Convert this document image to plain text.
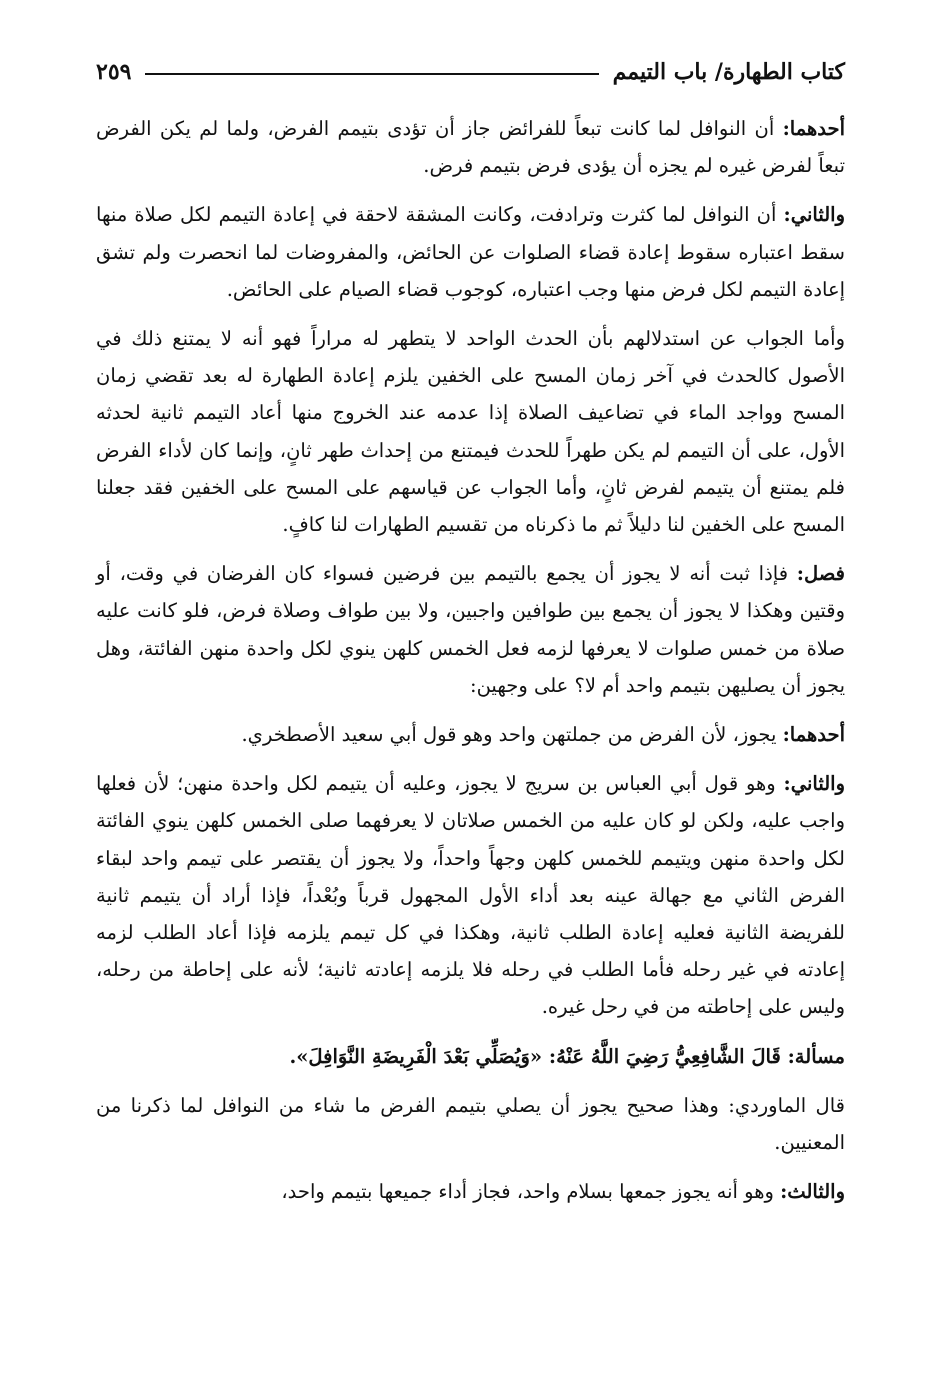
٢٥٩	كتاب الطهارة/ باب التيمم

أحدهما: أن النوافل لما كانت تبعاً للفرائض جاز أن تؤدى بتيمم الفرض، ولما لم يكن الفرض تبعاً لفرض غيره لم يجزه أن يؤدى فرض بتيمم فرض.

والثاني: أن النوافل لما كثرت وترادفت، وكانت المشقة لاحقة في إعادة التيمم لكل صلاة منها سقط اعتباره سقوط إعادة قضاء الصلوات عن الحائض، والمفروضات لما انحصرت ولم تشق إعادة التيمم لكل فرض منها وجب اعتباره، كوجوب قضاء الصيام على الحائض.

وأما الجواب عن استدلالهم بأن الحدث الواحد لا يتطهر له مراراً فهو أنه لا يمتنع ذلك في الأصول كالحدث في آخر زمان المسح على الخفين يلزم إعادة الطهارة له بعد تقضي زمان المسح وواجد الماء في تضاعيف الصلاة إذا عدمه عند الخروج منها أعاد التيمم ثانية لحدثه الأول، على أن التيمم لم يكن طهراً للحدث فيمتنع من إحداث طهر ثانٍ، وإنما كان لأداء الفرض فلم يمتنع أن يتيمم لفرض ثانٍ، وأما الجواب عن قياسهم على المسح على الخفين فقد جعلنا المسح على الخفين لنا دليلاً ثم ما ذكرناه من تقسيم الطهارات لنا كافٍ.

فصل: فإذا ثبت أنه لا يجوز أن يجمع بالتيمم بين فرضين فسواء كان الفرضان في وقت، أو وقتين وهكذا لا يجوز أن يجمع بين طوافين واجبين، ولا بين طواف وصلاة فرض، فلو كانت عليه صلاة من خمس صلوات لا يعرفها لزمه فعل الخمس كلهن ينوي لكل واحدة منهن الفائتة، وهل يجوز أن يصليهن بتيمم واحد أم لا؟ على وجهين:

أحدهما: يجوز، لأن الفرض من جملتهن واحد وهو قول أبي سعيد الأصطخري.

والثاني: وهو قول أبي العباس بن سريج لا يجوز، وعليه أن يتيمم لكل واحدة منهن؛ لأن فعلها واجب عليه، ولكن لو كان عليه من الخمس صلاتان لا يعرفهما صلى الخمس كلهن ينوي الفائتة لكل واحدة منهن ويتيمم للخمس كلهن وجهاً واحداً، ولا يجوز أن يقتصر على تيمم واحد لبقاء الفرض الثاني مع جهالة عينه بعد أداء الأول المجهول قرباً وبُعْداً، فإذا أراد أن يتيمم ثانية للفريضة الثانية فعليه إعادة الطلب ثانية، وهكذا في كل تيمم يلزمه فإذا أعاد الطلب لزمه إعادته في غير رحله فأما الطلب في رحله فلا يلزمه إعادته ثانية؛ لأنه على إحاطة من رحله، وليس على إحاطته من في رحل غيره.

مسألة: قَالَ الشَّافِعِيُّ رَضِيَ اللَّهُ عَنْهُ: «وَيُصَلِّي بَعْدَ الْفَرِيضَةِ النَّوَافِلَ».

قال الماوردي: وهذا صحيح يجوز أن يصلي بتيمم الفرض ما شاء من النوافل لما ذكرنا من المعنيين.

والثالث: وهو أنه يجوز جمعها بسلام واحد، فجاز أداء جميعها بتيمم واحد،
